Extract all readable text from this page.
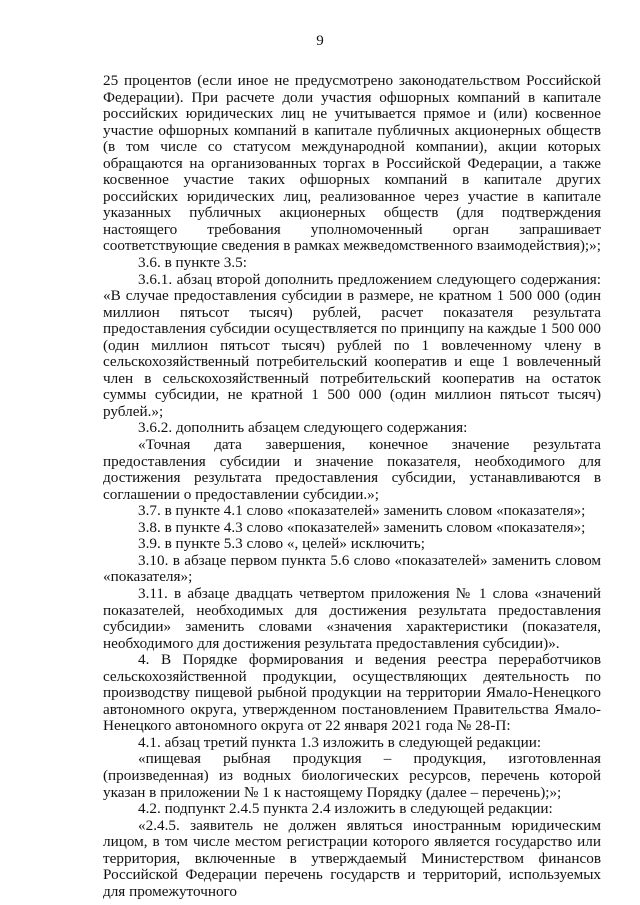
9

25 процентов (если иное не предусмотрено законодательством Российской Федерации). При расчете доли участия офшорных компаний в капитале российских юридических лиц не учитывается прямое и (или) косвенное участие офшорных компаний в капитале публичных акционерных обществ (в том числе со статусом международной компании), акции которых обращаются на организованных торгах в Российской Федерации, а также косвенное участие таких офшорных компаний в капитале других российских юридических лиц, реализованное через участие в капитале указанных публичных акционерных обществ (для подтверждения настоящего требования уполномоченный орган запрашивает соответствующие сведения в рамках межведомственного взаимодействия);»;

3.6. в пункте 3.5:

3.6.1. абзац второй дополнить предложением следующего содержания: «В случае предоставления субсидии в размере, не кратном 1 500 000 (один миллион пятьсот тысяч) рублей, расчет показателя результата предоставления субсидии осуществляется по принципу на каждые 1 500 000 (один миллион пятьсот тысяч) рублей по 1 вовлеченному члену в сельскохозяйственный потребительский кооператив и еще 1 вовлеченный член в сельскохозяйственный потребительский кооператив на остаток суммы субсидии, не кратной 1 500 000 (один миллион пятьсот тысяч) рублей.»;

3.6.2. дополнить абзацем следующего содержания:

«Точная дата завершения, конечное значение результата предоставления субсидии и значение показателя, необходимого для достижения результата предоставления субсидии, устанавливаются в соглашении о предоставлении субсидии.»;

3.7. в пункте 4.1 слово «показателей» заменить словом «показателя»;

3.8. в пункте 4.3 слово «показателей» заменить словом «показателя»;

3.9. в пункте 5.3 слово «, целей» исключить;

3.10. в абзаце первом пункта 5.6 слово «показателей» заменить словом «показателя»;

3.11. в абзаце двадцать четвертом приложения № 1 слова «значений показателей, необходимых для достижения результата предоставления субсидии» заменить словами «значения характеристики (показателя, необходимого для достижения результата предоставления субсидии)».

4. В Порядке формирования и ведения реестра переработчиков сельскохозяйственной продукции, осуществляющих деятельность по производству пищевой рыбной продукции на территории Ямало-Ненецкого автономного округа, утвержденном постановлением Правительства Ямало-Ненецкого автономного округа от 22 января 2021 года № 28-П:

4.1. абзац третий пункта 1.3 изложить в следующей редакции:

«пищевая рыбная продукция – продукция, изготовленная (произведенная) из водных биологических ресурсов, перечень которой указан в приложении № 1 к настоящему Порядку (далее – перечень);»;

4.2. подпункт 2.4.5 пункта 2.4 изложить в следующей редакции:

«2.4.5. заявитель не должен являться иностранным юридическим лицом, в том числе местом регистрации которого является государство или территория, включенные в утверждаемый Министерством финансов Российской Федерации перечень государств и территорий, используемых для промежуточного
